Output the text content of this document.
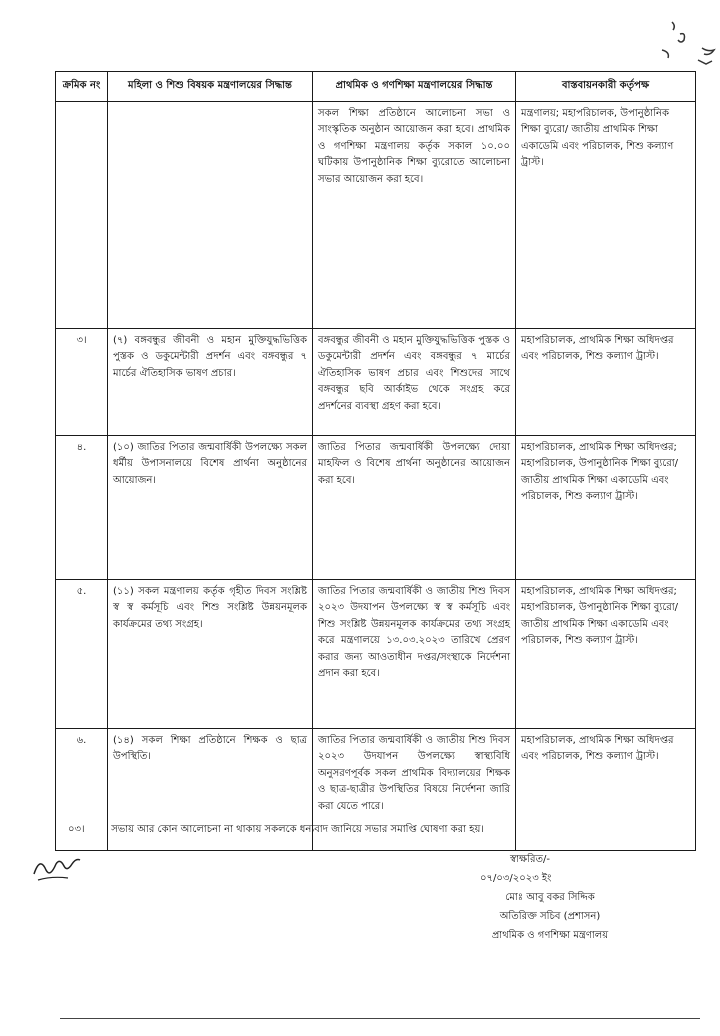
ক্রমিক নং	মহিলা ও শিশু বিষয়ক মন্ত্রণালয়ের সিদ্ধান্ত	প্রাথমিক ও গণশিক্ষা মন্ত্রণালয়ের সিদ্ধান্ত	বাস্তবায়নকারী কর্তৃপক্ষ
		সকল শিক্ষা প্রতিষ্ঠানে আলোচনা সভা ও সাংস্কৃতিক অনুষ্ঠান আয়োজন করা হবে। প্রাথমিক ও গণশিক্ষা মন্ত্রণালয় কর্তৃক সকাল ১০.০০ ঘটিকায় উপানুষ্ঠানিক শিক্ষা ব্যুরোতে আলোচনা সভার আয়োজন করা হবে।	মন্ত্রণালয়; মহাপরিচালক, উপানুষ্ঠানিক শিক্ষা ব্যুরো/ জাতীয় প্রাথমিক শিক্ষা একাডেমি এবং পরিচালক, শিশু কল্যাণ ট্রাস্ট।
৩।	(৭) বঙ্গবন্ধুর জীবনী ও মহান মুক্তিযুদ্ধভিত্তিক পুস্তক ও ডকুমেন্টারী প্রদর্শন এবং বঙ্গবন্ধুর ৭ মার্চের ঐতিহাসিক ভাষণ প্রচার।	বঙ্গবন্ধুর জীবনী ও মহান মুক্তিযুদ্ধভিত্তিক পুস্তক ও ডকুমেন্টারী প্রদর্শন এবং বঙ্গবন্ধুর ৭ মার্চের ঐতিহাসিক ভাষণ প্রচার এবং শিশুদের সাথে বঙ্গবন্ধুর ছবি আর্কাইভ থেকে সংগ্রহ করে প্রদর্শনের ব্যবস্থা গ্রহণ করা হবে।	মহাপরিচালক, প্রাথমিক শিক্ষা অধিদপ্তর এবং পরিচালক, শিশু কল্যাণ ট্রাস্ট।
৪.	(১০) জাতির পিতার জন্মবার্ষিকী উপলক্ষ্যে সকল ধর্মীয় উপাসনালয়ে বিশেষ প্রার্থনা অনুষ্ঠানের আয়োজন।	জাতির পিতার জন্মবার্ষিকী উপলক্ষ্যে দোয়া মাহফিল ও বিশেষ প্রার্থনা অনুষ্ঠানের আয়োজন করা হবে।	মহাপরিচালক, প্রাথমিক শিক্ষা অধিদপ্তর; মহাপরিচালক, উপানুষ্ঠানিক শিক্ষা ব্যুরো/ জাতীয় প্রাথমিক শিক্ষা একাডেমি এবং পরিচালক, শিশু কল্যাণ ট্রাস্ট।
৫.	(১১) সকল মন্ত্রণালয় কর্তৃক গৃহীত দিবস সংশ্লিষ্ট স্ব স্ব কর্মসূচি এবং শিশু সংশ্লিষ্ট উন্নয়নমূলক কার্যক্রমের তথ্য সংগ্রহ।	জাতির পিতার জন্মবার্ষিকী ও জাতীয় শিশু দিবস ২০২৩ উদযাপন উপলক্ষ্যে স্ব স্ব কর্মসূচি এবং শিশু সংশ্লিষ্ট উন্নয়নমূলক কার্যক্রমের তথ্য সংগ্রহ করে মন্ত্রণালয়ে ১৩.০৩.২০২৩ তারিখে প্রেরণ করার জন্য আওতাধীন দপ্তর/সংস্থাকে নির্দেশনা প্রদান করা হবে।	মহাপরিচালক, প্রাথমিক শিক্ষা অধিদপ্তর; মহাপরিচালক, উপানুষ্ঠানিক শিক্ষা ব্যুরো/ জাতীয় প্রাথমিক শিক্ষা একাডেমি এবং পরিচালক, শিশু কল্যাণ ট্রাস্ট।
৬.	(১৪) সকল শিক্ষা প্রতিষ্ঠানে শিক্ষক ও ছাত্র উপস্থিতি।	জাতির পিতার জন্মবার্ষিকী ও জাতীয় শিশু দিবস ২০২৩ উদযাপন উপলক্ষ্যে স্বাস্থ্যবিধি অনুসরণপূর্বক সকল প্রাথমিক বিদ্যালয়ের শিক্ষক ও ছাত্র-ছাত্রীর উপস্থিতির বিষয়ে নির্দেশনা জারি করা যেতে পারে।	মহাপরিচালক, প্রাথমিক শিক্ষা অধিদপ্তর এবং পরিচালক, শিশু কল্যাণ ট্রাস্ট।
০৩।	সভায় আর কোন আলোচনা না থাকায় সকলকে ধন্যবাদ জানিয়ে সভার সমাপ্তি ঘোষণা করা হয়।
স্বাক্ষরিত/-
০৭/০৩/২০২৩ ইং
মোঃ আবু বকর সিদ্দিক
অতিরিক্ত সচিব (প্রশাসন)
প্রাথমিক ও গণশিক্ষা মন্ত্রণালয়
